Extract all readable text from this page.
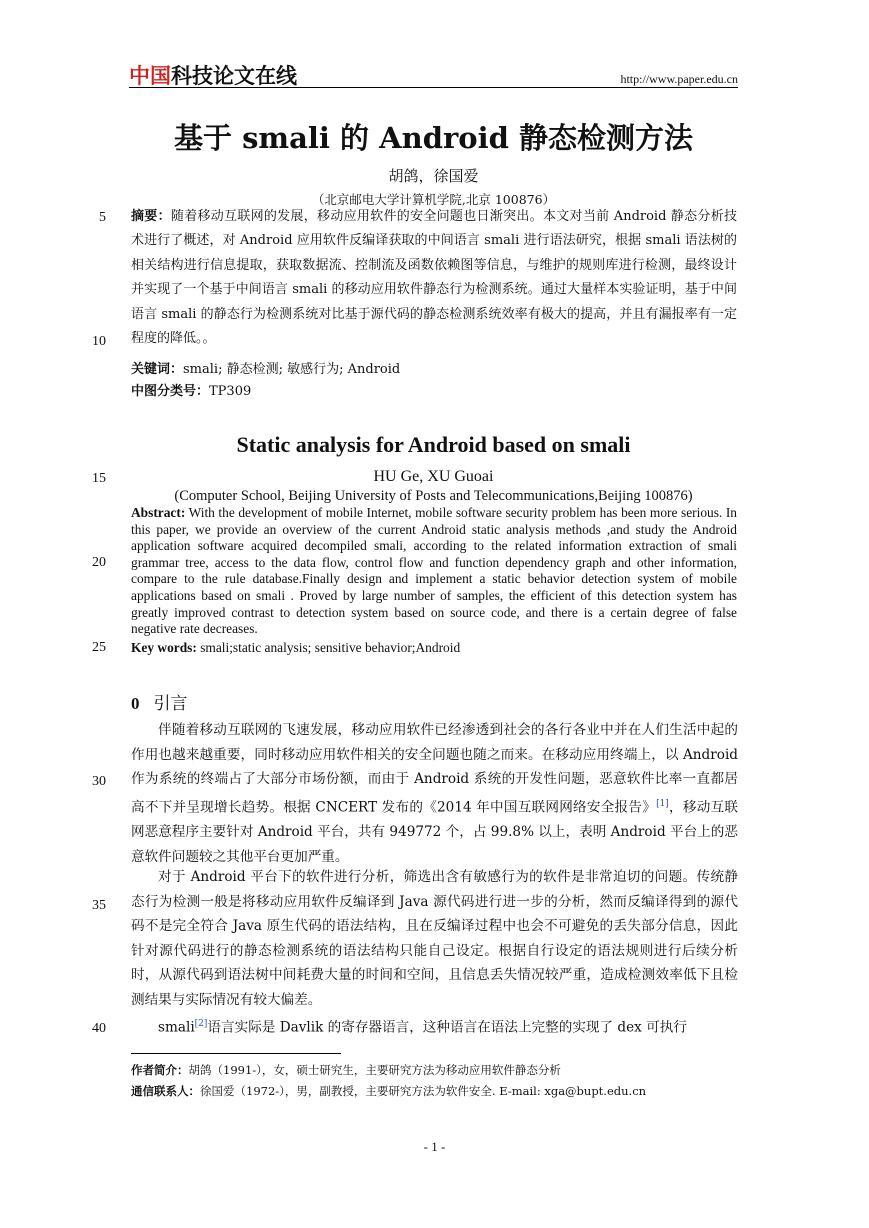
中国科技论文在线	http://www.paper.edu.cn
基于 smali 的 Android 静态检测方法
胡鸽，徐国爱
（北京邮电大学计算机学院,北京 100876）
5
10
15
20
25
30
35
40
摘要：随着移动互联网的发展，移动应用软件的安全问题也日渐突出。本文对当前 Android 静态分析技术进行了概述，对 Android 应用软件反编译获取的中间语言 smali 进行语法研究，根据 smali 语法树的相关结构进行信息提取，获取数据流、控制流及函数依赖图等信息，与维护的规则库进行检测，最终设计并实现了一个基于中间语言 smali 的移动应用软件静态行为检测系统。通过大量样本实验证明，基于中间语言 smali 的静态行为检测系统对比基于源代码的静态检测系统效率有极大的提高，并且有漏报率有一定程度的降低。。
关键词：smali; 静态检测; 敏感行为; Android
中图分类号：TP309
Static analysis for Android based on smali
HU Ge, XU Guoai
(Computer School, Beijing University of Posts and Telecommunications,Beijing 100876)
Abstract: With the development of mobile Internet, mobile software security problem has been more serious. In this paper, we provide an overview of the current Android static analysis methods ,and study the Android application software acquired decompiled smali, according to the related information extraction of smali grammar tree, access to the data flow, control flow and function dependency graph and other information, compare to the rule database.Finally design and implement a static behavior detection system of mobile applications based on smali . Proved by large number of samples, the efficient of this detection system has greatly improved contrast to detection system based on source code, and there is a certain degree of false negative rate decreases.
Key words: smali;static analysis; sensitive behavior;Android
0 引言
伴随着移动互联网的飞速发展，移动应用软件已经渗透到社会的各行各业中并在人们生活中起的作用也越来越重要，同时移动应用软件相关的安全问题也随之而来。在移动应用终端上，以 Android 作为系统的终端占了大部分市场份额，而由于 Android 系统的开发性问题，恶意软件比率一直都居高不下并呈现增长趋势。根据 CNCERT 发布的《2014 年中国互联网网络安全报告》[1]，移动互联网恶意程序主要针对 Android 平台，共有 949772 个，占 99.8% 以上，表明 Android 平台上的恶意软件问题较之其他平台更加严重。
对于 Android 平台下的软件进行分析，筛选出含有敏感行为的软件是非常迫切的问题。传统静态行为检测一般是将移动应用软件反编译到 Java 源代码进行进一步的分析，然而反编译得到的源代码不是完全符合 Java 原生代码的语法结构，且在反编译过程中也会不可避免的丢失部分信息，因此针对源代码进行的静态检测系统的语法结构只能自己设定。根据自行设定的语法规则进行后续分析时，从源代码到语法树中间耗费大量的时间和空间，且信息丢失情况较严重，造成检测效率低下且检测结果与实际情况有较大偏差。
smali[2]语言实际是 Davlik 的寄存器语言，这种语言在语法上完整的实现了 dex 可执行
作者简介：胡鸽（1991-），女，硕士研究生，主要研究方法为移动应用软件静态分析
通信联系人：徐国爱（1972-），男，副教授，主要研究方法为软件安全. E-mail: xga@bupt.edu.cn
- 1 -
